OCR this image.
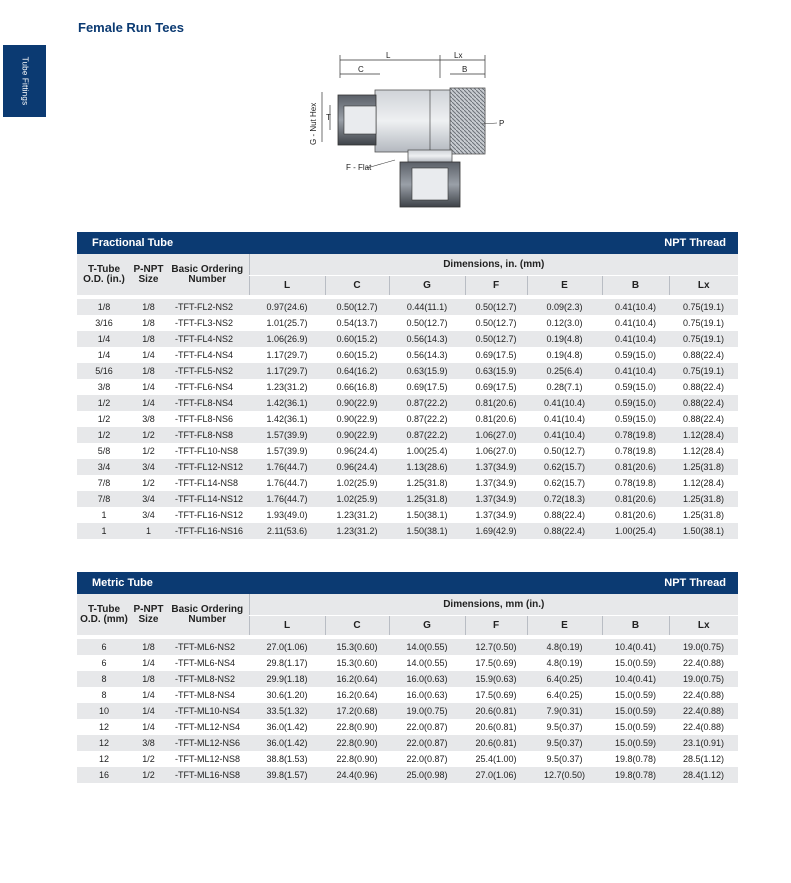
Tube Fittings
Female Run Tees
L	Lx
C	B
P
T
F - Flat
G - Nut Hex
Fractional Tube	NPT Thread
T-Tube O.D. (in.)	P-NPT Size	Basic Ordering Number	Dimensions, in. (mm)						
			L	C	G	F	E	B	Lx

1/8	1/8	-TFT-FL2-NS2	0.97(24.6)	0.50(12.7)	0.44(11.1)	0.50(12.7)	0.09(2.3)	0.41(10.4)	0.75(19.1)
3/16	1/8	-TFT-FL3-NS2	1.01(25.7)	0.54(13.7)	0.50(12.7)	0.50(12.7)	0.12(3.0)	0.41(10.4)	0.75(19.1)
1/4	1/8	-TFT-FL4-NS2	1.06(26.9)	0.60(15.2)	0.56(14.3)	0.50(12.7)	0.19(4.8)	0.41(10.4)	0.75(19.1)
1/4	1/4	-TFT-FL4-NS4	1.17(29.7)	0.60(15.2)	0.56(14.3)	0.69(17.5)	0.19(4.8)	0.59(15.0)	0.88(22.4)
5/16	1/8	-TFT-FL5-NS2	1.17(29.7)	0.64(16.2)	0.63(15.9)	0.63(15.9)	0.25(6.4)	0.41(10.4)	0.75(19.1)
3/8	1/4	-TFT-FL6-NS4	1.23(31.2)	0.66(16.8)	0.69(17.5)	0.69(17.5)	0.28(7.1)	0.59(15.0)	0.88(22.4)
1/2	1/4	-TFT-FL8-NS4	1.42(36.1)	0.90(22.9)	0.87(22.2)	0.81(20.6)	0.41(10.4)	0.59(15.0)	0.88(22.4)
1/2	3/8	-TFT-FL8-NS6	1.42(36.1)	0.90(22.9)	0.87(22.2)	0.81(20.6)	0.41(10.4)	0.59(15.0)	0.88(22.4)
1/2	1/2	-TFT-FL8-NS8	1.57(39.9)	0.90(22.9)	0.87(22.2)	1.06(27.0)	0.41(10.4)	0.78(19.8)	1.12(28.4)
5/8	1/2	-TFT-FL10-NS8	1.57(39.9)	0.96(24.4)	1.00(25.4)	1.06(27.0)	0.50(12.7)	0.78(19.8)	1.12(28.4)
3/4	3/4	-TFT-FL12-NS12	1.76(44.7)	0.96(24.4)	1.13(28.6)	1.37(34.9)	0.62(15.7)	0.81(20.6)	1.25(31.8)
7/8	1/2	-TFT-FL14-NS8	1.76(44.7)	1.02(25.9)	1.25(31.8)	1.37(34.9)	0.62(15.7)	0.78(19.8)	1.12(28.4)
7/8	3/4	-TFT-FL14-NS12	1.76(44.7)	1.02(25.9)	1.25(31.8)	1.37(34.9)	0.72(18.3)	0.81(20.6)	1.25(31.8)
1	3/4	-TFT-FL16-NS12	1.93(49.0)	1.23(31.2)	1.50(38.1)	1.37(34.9)	0.88(22.4)	0.81(20.6)	1.25(31.8)
1	1	-TFT-FL16-NS16	2.11(53.6)	1.23(31.2)	1.50(38.1)	1.69(42.9)	0.88(22.4)	1.00(25.4)	1.50(38.1)
Metric Tube	NPT Thread
T-Tube O.D. (mm)	P-NPT Size	Basic Ordering Number	Dimensions, mm (in.)						
			L	C	G	F	E	B	Lx

6	1/8	-TFT-ML6-NS2	27.0(1.06)	15.3(0.60)	14.0(0.55)	12.7(0.50)	4.8(0.19)	10.4(0.41)	19.0(0.75)
6	1/4	-TFT-ML6-NS4	29.8(1.17)	15.3(0.60)	14.0(0.55)	17.5(0.69)	4.8(0.19)	15.0(0.59)	22.4(0.88)
8	1/8	-TFT-ML8-NS2	29.9(1.18)	16.2(0.64)	16.0(0.63)	15.9(0.63)	6.4(0.25)	10.4(0.41)	19.0(0.75)
8	1/4	-TFT-ML8-NS4	30.6(1.20)	16.2(0.64)	16.0(0.63)	17.5(0.69)	6.4(0.25)	15.0(0.59)	22.4(0.88)
10	1/4	-TFT-ML10-NS4	33.5(1.32)	17.2(0.68)	19.0(0.75)	20.6(0.81)	7.9(0.31)	15.0(0.59)	22.4(0.88)
12	1/4	-TFT-ML12-NS4	36.0(1.42)	22.8(0.90)	22.0(0.87)	20.6(0.81)	9.5(0.37)	15.0(0.59)	22.4(0.88)
12	3/8	-TFT-ML12-NS6	36.0(1.42)	22.8(0.90)	22.0(0.87)	20.6(0.81)	9.5(0.37)	15.0(0.59)	23.1(0.91)
12	1/2	-TFT-ML12-NS8	38.8(1.53)	22.8(0.90)	22.0(0.87)	25.4(1.00)	9.5(0.37)	19.8(0.78)	28.5(1.12)
16	1/2	-TFT-ML16-NS8	39.8(1.57)	24.4(0.96)	25.0(0.98)	27.0(1.06)	12.7(0.50)	19.8(0.78)	28.4(1.12)
